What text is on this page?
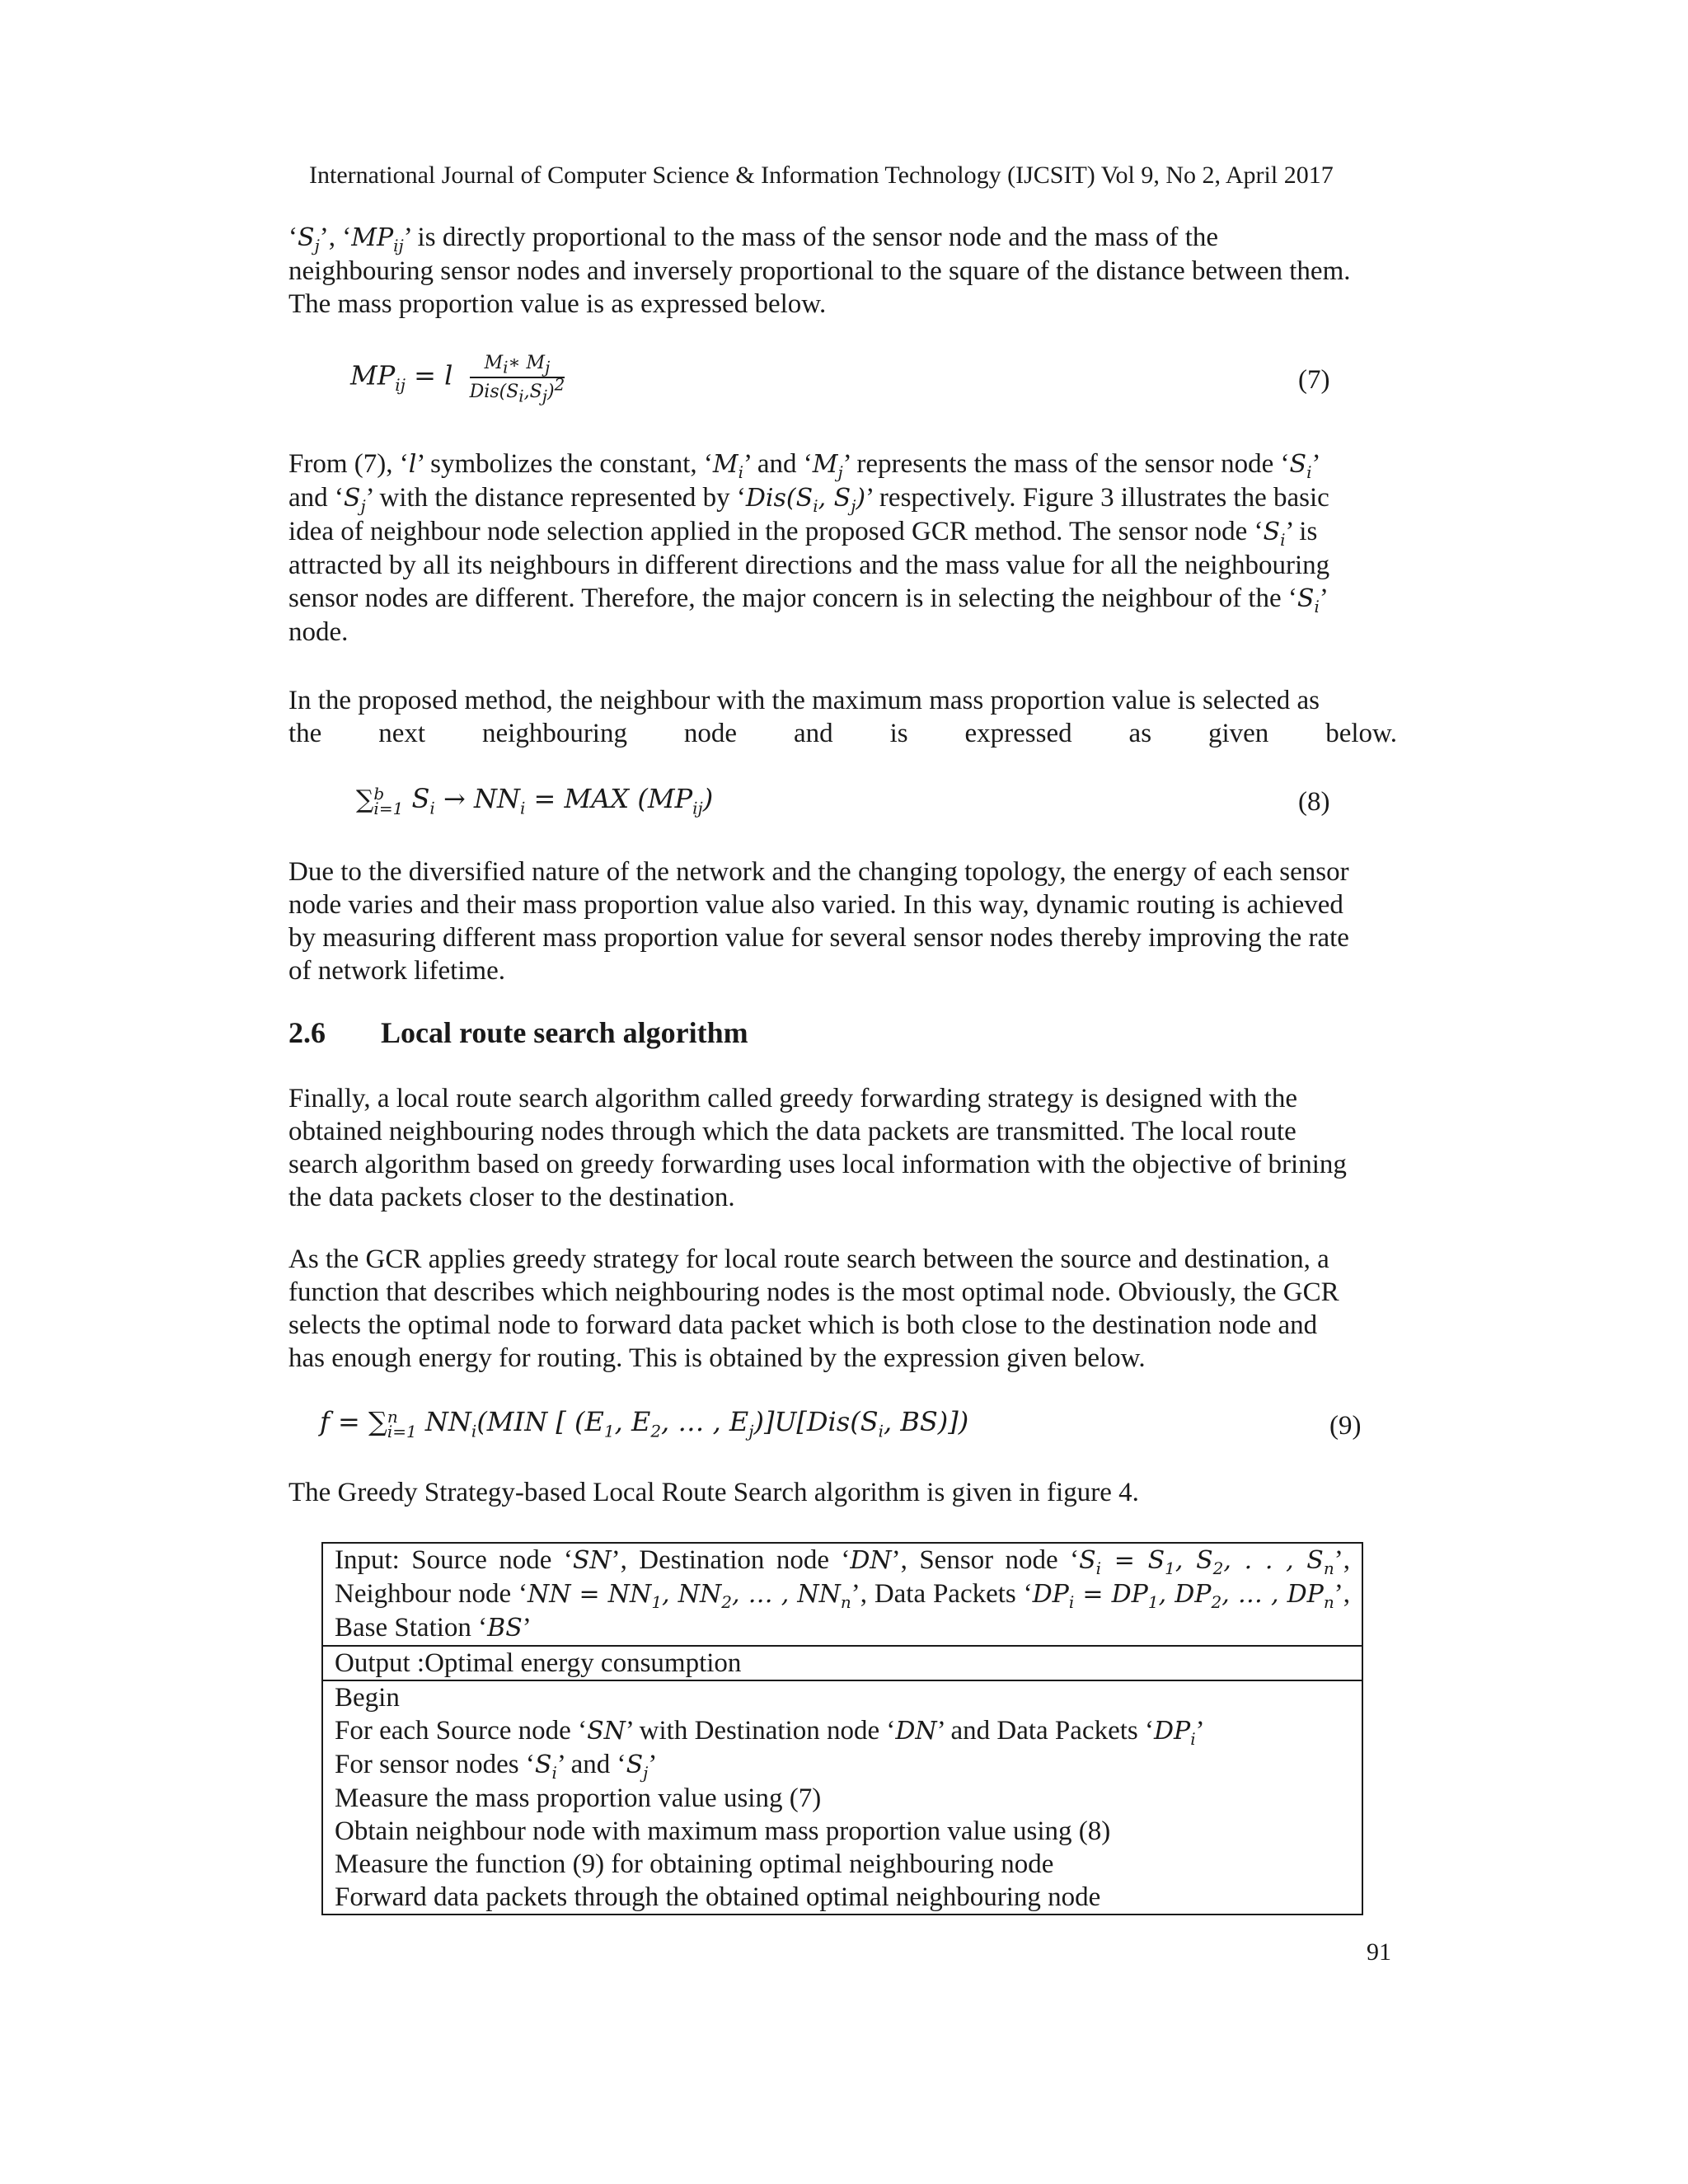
International Journal of Computer Science & Information Technology (IJCSIT) Vol 9, No 2, April 2017

‘$S_j$’, ‘$MP_{ij}$’ is directly proportional to the mass of the sensor node and the mass of the
neighbouring sensor nodes and inversely proportional to the square of the distance between them.
The mass proportion value is as expressed below.

$MP_{ij} = l \frac{M_i∗ M_j}{Dis(S_i,S_j)^2}$	(7)

From (7), ‘l’ symbolizes the constant, ‘$M_i$’ and ‘$M_j$’ represents the mass of the sensor node ‘$S_i$’
and ‘$S_j$’ with the distance represented by ‘$Dis(S_i$, $S_j$)’ respectively. Figure 3 illustrates the basic
idea of neighbour node selection applied in the proposed GCR method. The sensor node ‘$S_i$’ is
attracted by all its neighbours in different directions and the mass value for all the neighbouring
sensor nodes are different. Therefore, the major concern is in selecting the neighbour of the ‘$S_i$’
node.

In the proposed method, the neighbour with the maximum mass proportion value is selected as
the next neighbouring node and is expressed as given below.

∑ b
i=1 $S_i \to NN_i$ = MAX $(MP_{ij})$	(8)

Due to the diversified nature of the network and the changing topology, the energy of each sensor
node varies and their mass proportion value also varied. In this way, dynamic routing is achieved
by measuring different mass proportion value for several sensor nodes thereby improving the rate
of network lifetime.

2.6 Local route search algorithm

Finally, a local route search algorithm called greedy forwarding strategy is designed with the
obtained neighbouring nodes through which the data packets are transmitted. The local route
search algorithm based on greedy forwarding uses local information with the objective of brining
the data packets closer to the destination.

As the GCR applies greedy strategy for local route search between the source and destination, a
function that describes which neighbouring nodes is the most optimal node. Obviously, the GCR
selects the optimal node to forward data packet which is both close to the destination node and
has enough energy for routing. This is obtained by the expression given below.

f = ∑ n
i=1 $NN_i(MIN$ [ ($E_1$, $E_2$, … , $E_j)]U[Dis(S_i$, BS)])	(9)

The Greedy Strategy-based Local Route Search algorithm is given in figure 4.

Input: Source node ‘SN’, Destination node ‘DN’, Sensor node ‘$S_i = S_1$, $S_2$, . . , $S_n$’,
Neighbour node ‘NN = $NN_1$, $NN_2$, … , $NN_n$’, Data Packets ‘$DP_i = DP_1$, $DP_2$, … , $DP_n$’,
Base Station ‘BS’
Output :Optimal energy consumption
Begin
For each Source node ‘SN’ with Destination node ‘DN’ and Data Packets ‘$DP_i$’
For sensor nodes ‘$S_i$’ and ‘$S_j$’
Measure the mass proportion value using (7)
Obtain neighbour node with maximum mass proportion value using (8)
Measure the function (9) for obtaining optimal neighbouring node
Forward data packets through the obtained optimal neighbouring node
91
